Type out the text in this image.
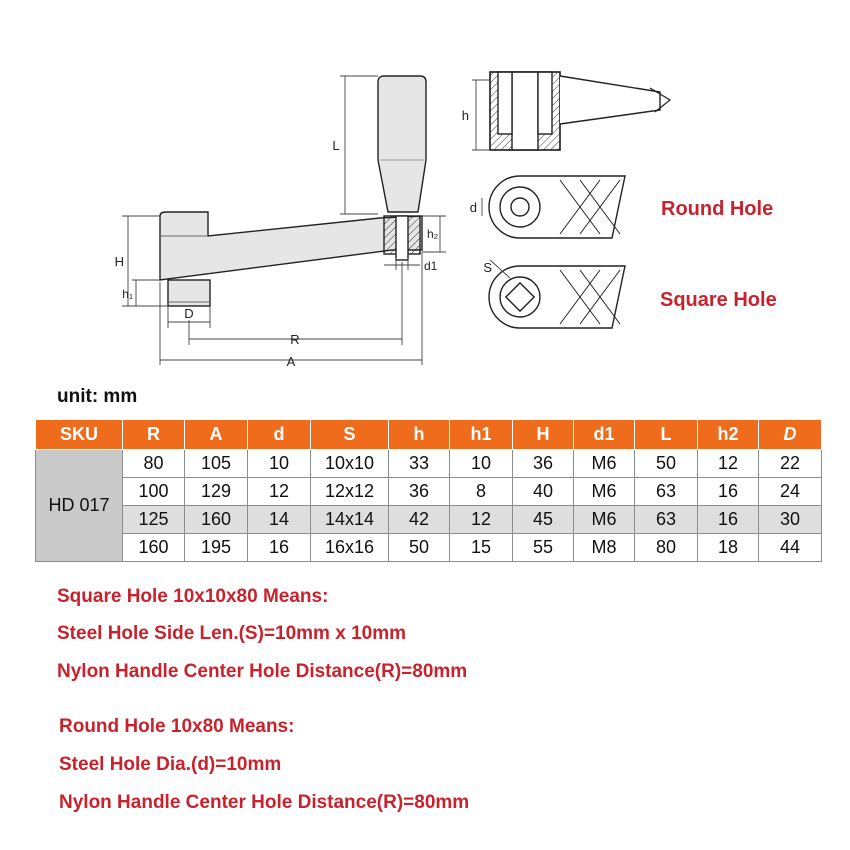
L
H
h₁
D
R
A
h₂
d1
h
d
S
Round Hole
Square Hole
unit: mm
SKU	R	A	d	S	h	h1	H	d1	L	h2	D
HD 017	80	105	10	10x10	33	10	36	M6	50	12	22
	100	129	12	12x12	36	8	40	M6	63	16	24
	125	160	14	14x14	42	12	45	M6	63	16	30
	160	195	16	16x16	50	15	55	M8	80	18	44
Square Hole 10x10x80 Means:
Steel Hole Side Len.(S)=10mm x 10mm
Nylon Handle Center Hole Distance(R)=80mm
Round Hole 10x80 Means:
Steel Hole Dia.(d)=10mm
Nylon Handle Center Hole Distance(R)=80mm
